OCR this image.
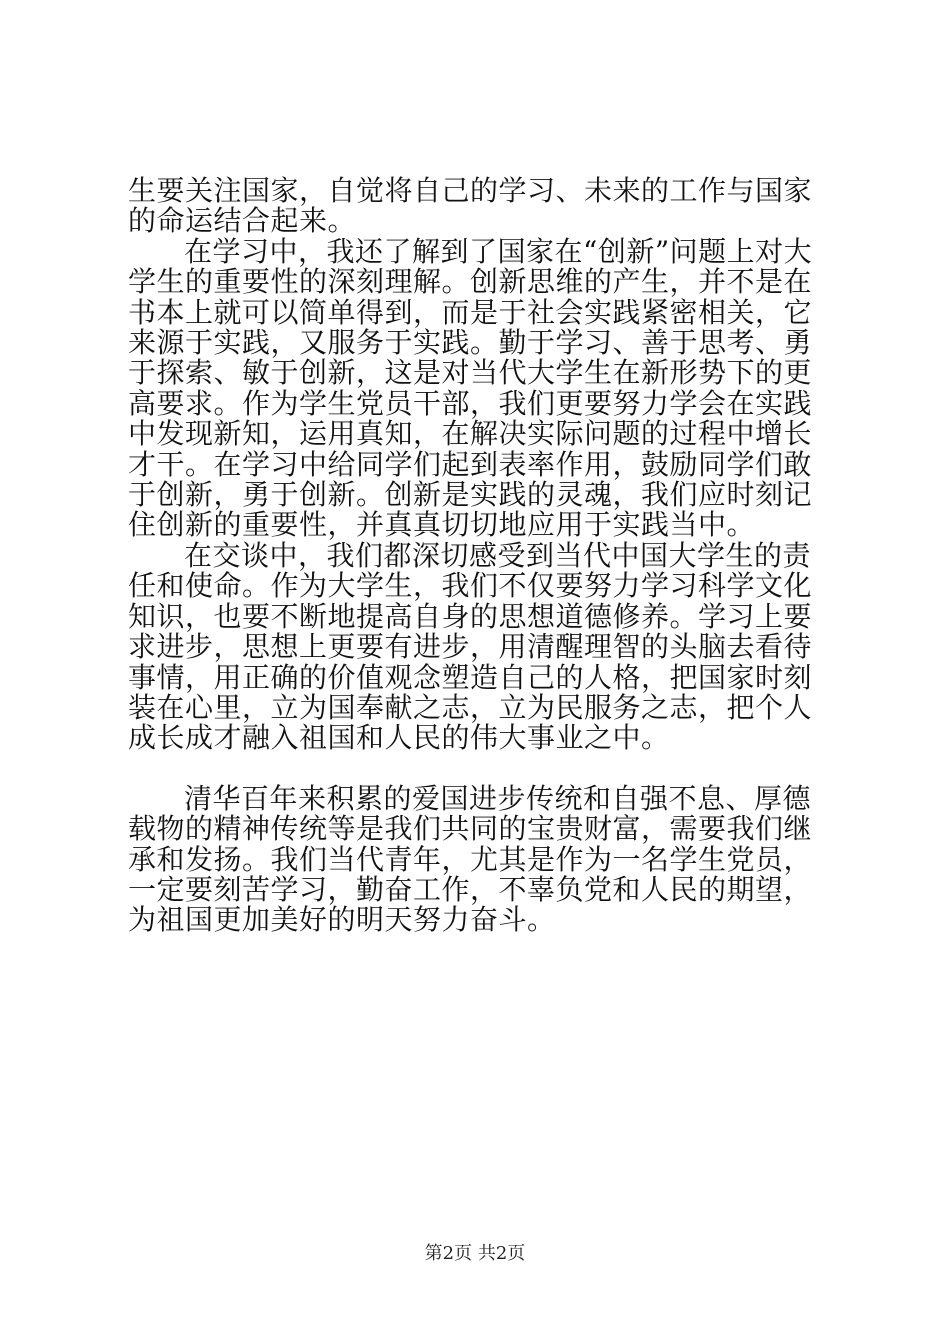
生要关注国家，自觉将自己的学习、未来的工作与国家的命运结合起来。

在学习中，我还了解到了国家在“创新”问题上对大学生的重要性的深刻理解。创新思维的产生，并不是在书本上就可以简单得到，而是于社会实践紧密相关，它来源于实践，又服务于实践。勤于学习、善于思考、勇于探索、敏于创新，这是对当代大学生在新形势下的更高要求。作为学生党员干部，我们更要努力学会在实践中发现新知，运用真知，在解决实际问题的过程中增长才干。在学习中给同学们起到表率作用，鼓励同学们敢于创新，勇于创新。创新是实践的灵魂，我们应时刻记住创新的重要性，并真真切切地应用于实践当中。

在交谈中，我们都深切感受到当代中国大学生的责任和使命。作为大学生，我们不仅要努力学习科学文化知识，也要不断地提高自身的思想道德修养。学习上要求进步，思想上更要有进步，用清醒理智的头脑去看待事情，用正确的价值观念塑造自己的人格，把国家时刻装在心里，立为国奉献之志，立为民服务之志，把个人成长成才融入祖国和人民的伟大事业之中。

清华百年来积累的爱国进步传统和自强不息、厚德载物的精神传统等是我们共同的宝贵财富，需要我们继承和发扬。我们当代青年，尤其是作为一名学生党员，一定要刻苦学习，勤奋工作，不辜负党和人民的期望，为祖国更加美好的明天努力奋斗。

第2页 共2页
